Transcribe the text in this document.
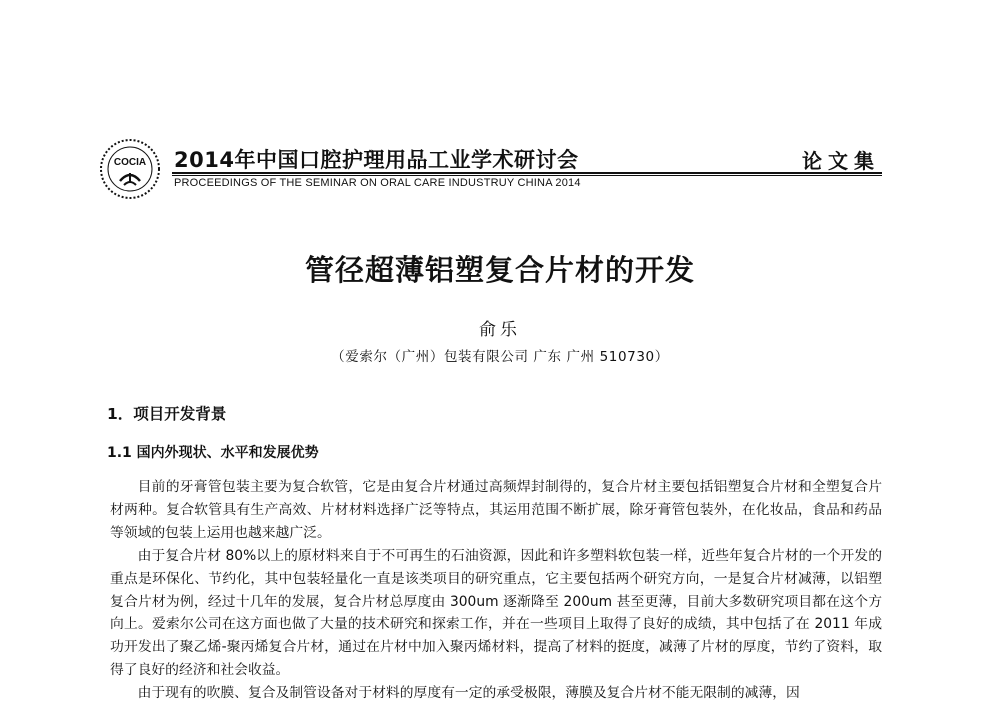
COCIA 2014年中国口腔护理用品工业学术研讨会
PROCEEDINGS OF THE SEMINAR ON ORAL CARE INDUSTRUY CHINA 2014
论文集
管径超薄铝塑复合片材的开发
俞乐
（爱索尔（广州）包装有限公司 广东 广州 510730）
1．项目开发背景
1.1 国内外现状、水平和发展优势

目前的牙膏管包装主要为复合软管，它是由复合片材通过高频焊封制得的，复合片材主要包括铝塑复合片材和全塑复合片材两种。复合软管具有生产高效、片材材料选择广泛等特点，其运用范围不断扩展，除牙膏管包装外，在化妆品，食品和药品等领域的包装上运用也越来越广泛。

由于复合片材 80%以上的原材料来自于不可再生的石油资源，因此和许多塑料软包装一样，近些年复合片材的一个开发的重点是环保化、节约化，其中包装轻量化一直是该类项目的研究重点，它主要包括两个研究方向，一是复合片材减薄，以铝塑复合片材为例，经过十几年的发展，复合片材总厚度由 300um 逐渐降至 200um 甚至更薄，目前大多数研究项目都在这个方向上。爱索尔公司在这方面也做了大量的技术研究和探索工作，并在一些项目上取得了良好的成绩，其中包括了在 2011 年成功开发出了聚乙烯-聚丙烯复合片材，通过在片材中加入聚丙烯材料，提高了材料的挺度，减薄了片材的厚度，节约了资料，取得了良好的经济和社会收益。

由于现有的吹膜、复合及制管设备对于材料的厚度有一定的承受极限，薄膜及复合片材不能无限制的减薄，因
